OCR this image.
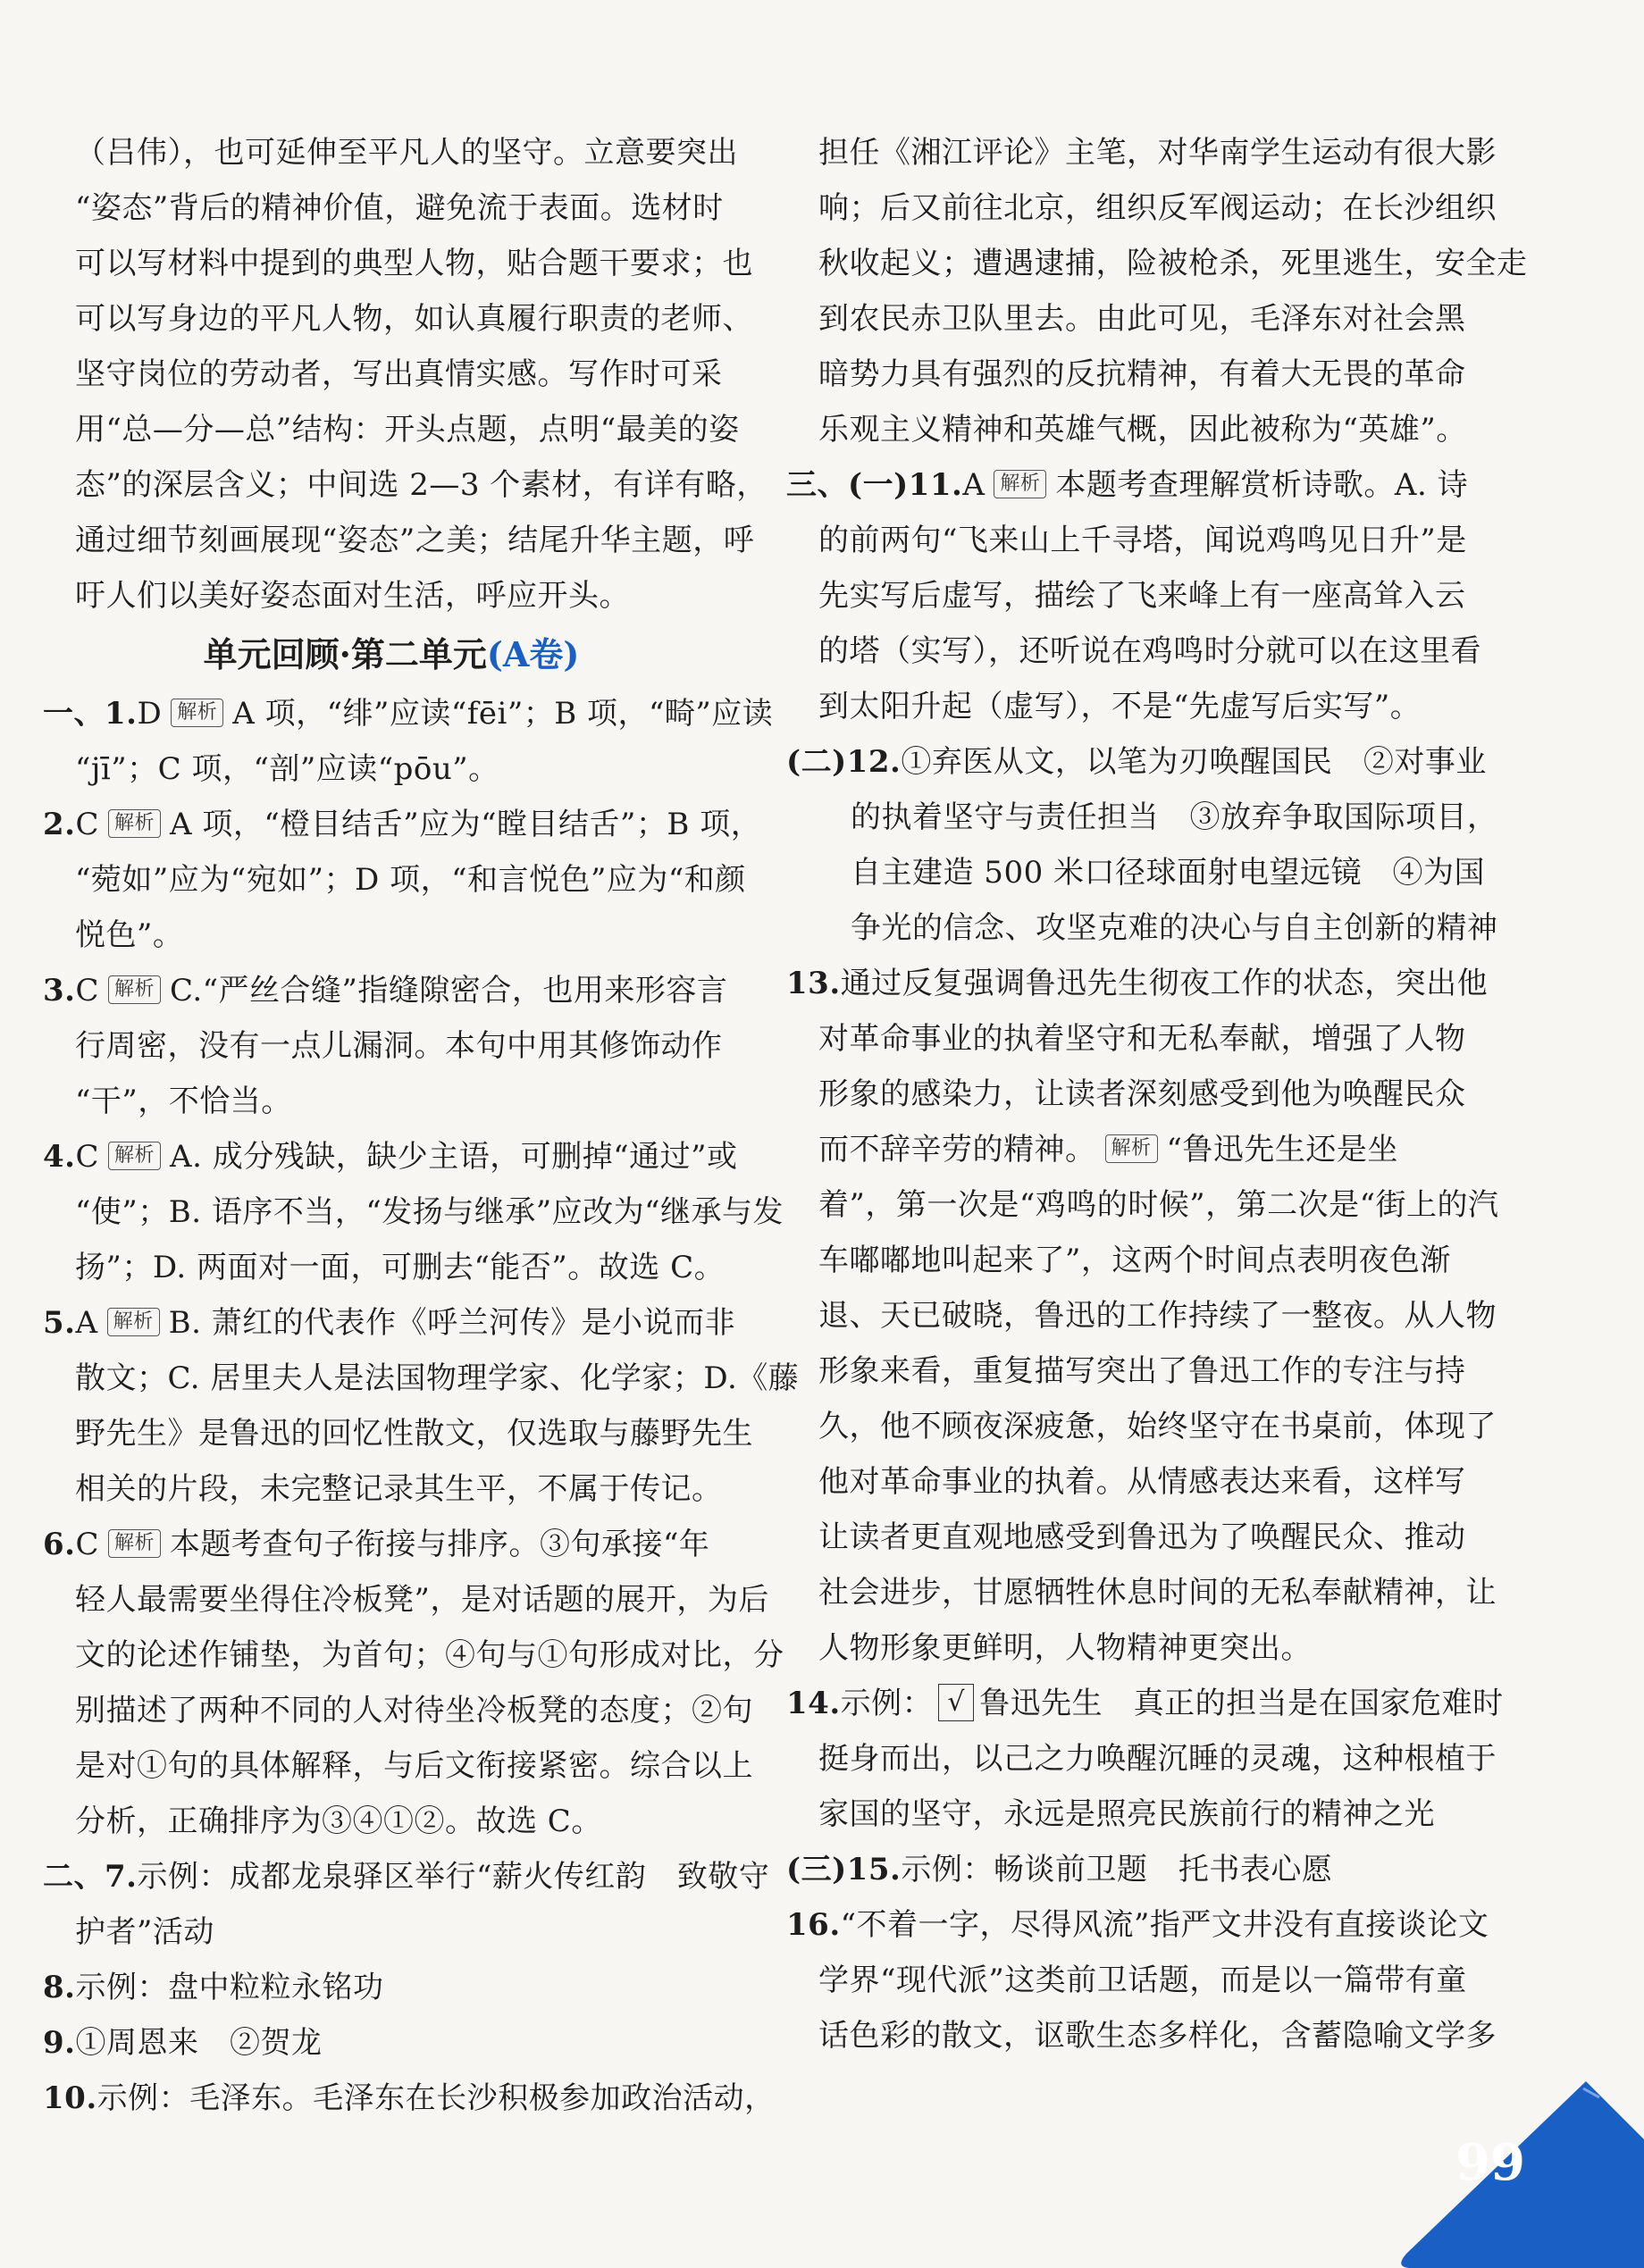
（吕伟），也可延伸至平凡人的坚守。立意要突出
“姿态”背后的精神价值，避免流于表面。选材时
可以写材料中提到的典型人物，贴合题干要求；也
可以写身边的平凡人物，如认真履行职责的老师、
坚守岗位的劳动者，写出真情实感。写作时可采
用“总—分—总”结构：开头点题，点明“最美的姿
态”的深层含义；中间选 2—3 个素材，有详有略，
通过细节刻画展现“姿态”之美；结尾升华主题，呼
吁人们以美好姿态面对生活，呼应开头。
单元回顾·第二单元(A卷)
一、1.D 解析 A 项，“绯”应读“fēi”；B 项，“畸”应读
“jī”；C 项，“剖”应读“pōu”。
2.C 解析 A 项，“橙目结舌”应为“瞠目结舌”；B 项，
“菀如”应为“宛如”；D 项，“和言悦色”应为“和颜
悦色”。
3.C 解析 C.“严丝合缝”指缝隙密合，也用来形容言
行周密，没有一点儿漏洞。本句中用其修饰动作
“干”，不恰当。
4.C 解析 A. 成分残缺，缺少主语，可删掉“通过”或
“使”；B. 语序不当，“发扬与继承”应改为“继承与发
扬”；D. 两面对一面，可删去“能否”。故选 C。
5.A 解析 B. 萧红的代表作《呼兰河传》是小说而非
散文；C. 居里夫人是法国物理学家、化学家；D.《藤
野先生》是鲁迅的回忆性散文，仅选取与藤野先生
相关的片段，未完整记录其生平，不属于传记。
6.C 解析 本题考查句子衔接与排序。③句承接“年
轻人最需要坐得住冷板凳”，是对话题的展开，为后
文的论述作铺垫，为首句；④句与①句形成对比，分
别描述了两种不同的人对待坐冷板凳的态度；②句
是对①句的具体解释，与后文衔接紧密。综合以上
分析，正确排序为③④①②。故选 C。
二、7.示例：成都龙泉驿区举行“薪火传红韵　致敬守
护者”活动
8.示例：盘中粒粒永铭功
9.①周恩来　②贺龙
10.示例：毛泽东。毛泽东在长沙积极参加政治活动，
担任《湘江评论》主笔，对华南学生运动有很大影
响；后又前往北京，组织反军阀运动；在长沙组织
秋收起义；遭遇逮捕，险被枪杀，死里逃生，安全走
到农民赤卫队里去。由此可见，毛泽东对社会黑
暗势力具有强烈的反抗精神，有着大无畏的革命
乐观主义精神和英雄气概，因此被称为“英雄”。
三、(一)11.A 解析 本题考查理解赏析诗歌。A. 诗
的前两句“飞来山上千寻塔，闻说鸡鸣见日升”是
先实写后虚写，描绘了飞来峰上有一座高耸入云
的塔（实写），还听说在鸡鸣时分就可以在这里看
到太阳升起（虚写），不是“先虚写后实写”。
(二)12.①弃医从文，以笔为刃唤醒国民　②对事业
的执着坚守与责任担当　③放弃争取国际项目，
自主建造 500 米口径球面射电望远镜　④为国
争光的信念、攻坚克难的决心与自主创新的精神
13.通过反复强调鲁迅先生彻夜工作的状态，突出他
对革命事业的执着坚守和无私奉献，增强了人物
形象的感染力，让读者深刻感受到他为唤醒民众
而不辞辛劳的精神。 解析 “鲁迅先生还是坐
着”，第一次是“鸡鸣的时候”，第二次是“街上的汽
车嘟嘟地叫起来了”，这两个时间点表明夜色渐
退、天已破晓，鲁迅的工作持续了一整夜。从人物
形象来看，重复描写突出了鲁迅工作的专注与持
久，他不顾夜深疲惫，始终坚守在书桌前，体现了
他对革命事业的执着。从情感表达来看，这样写
让读者更直观地感受到鲁迅为了唤醒民众、推动
社会进步，甘愿牺牲休息时间的无私奉献精神，让
人物形象更鲜明，人物精神更突出。
14.示例： √ 鲁迅先生　真正的担当是在国家危难时
挺身而出，以己之力唤醒沉睡的灵魂，这种根植于
家国的坚守，永远是照亮民族前行的精神之光
(三)15.示例：畅谈前卫题　托书表心愿
16.“不着一字，尽得风流”指严文井没有直接谈论文
学界“现代派”这类前卫话题，而是以一篇带有童
话色彩的散文，讴歌生态多样化，含蓄隐喻文学多
99
